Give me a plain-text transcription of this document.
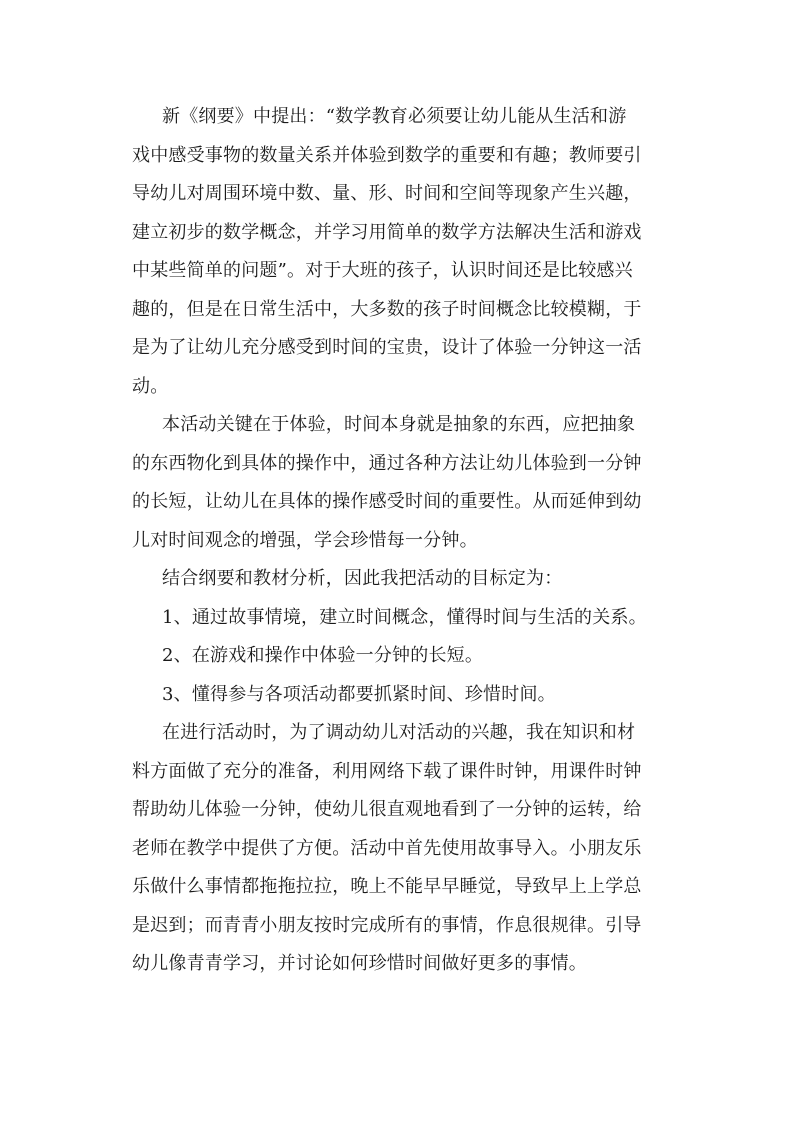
新《纲要》中提出：“数学教育必须要让幼儿能从生活和游
戏中感受事物的数量关系并体验到数学的重要和有趣；教师要引
导幼儿对周围环境中数、量、形、时间和空间等现象产生兴趣，
建立初步的数学概念，并学习用简单的数学方法解决生活和游戏
中某些简单的问题”。对于大班的孩子，认识时间还是比较感兴
趣的，但是在日常生活中，大多数的孩子时间概念比较模糊，于
是为了让幼儿充分感受到时间的宝贵，设计了体验一分钟这一活
动。
本活动关键在于体验，时间本身就是抽象的东西，应把抽象
的东西物化到具体的操作中，通过各种方法让幼儿体验到一分钟
的长短，让幼儿在具体的操作感受时间的重要性。从而延伸到幼
儿对时间观念的增强，学会珍惜每一分钟。
结合纲要和教材分析，因此我把活动的目标定为：
1、通过故事情境，建立时间概念，懂得时间与生活的关系。
2、在游戏和操作中体验一分钟的长短。
3、懂得参与各项活动都要抓紧时间、珍惜时间。
在进行活动时，为了调动幼儿对活动的兴趣，我在知识和材
料方面做了充分的准备，利用网络下载了课件时钟，用课件时钟
帮助幼儿体验一分钟，使幼儿很直观地看到了一分钟的运转，给
老师在教学中提供了方便。活动中首先使用故事导入。小朋友乐
乐做什么事情都拖拖拉拉，晚上不能早早睡觉，导致早上上学总
是迟到；而青青小朋友按时完成所有的事情，作息很规律。引导
幼儿像青青学习，并讨论如何珍惜时间做好更多的事情。
